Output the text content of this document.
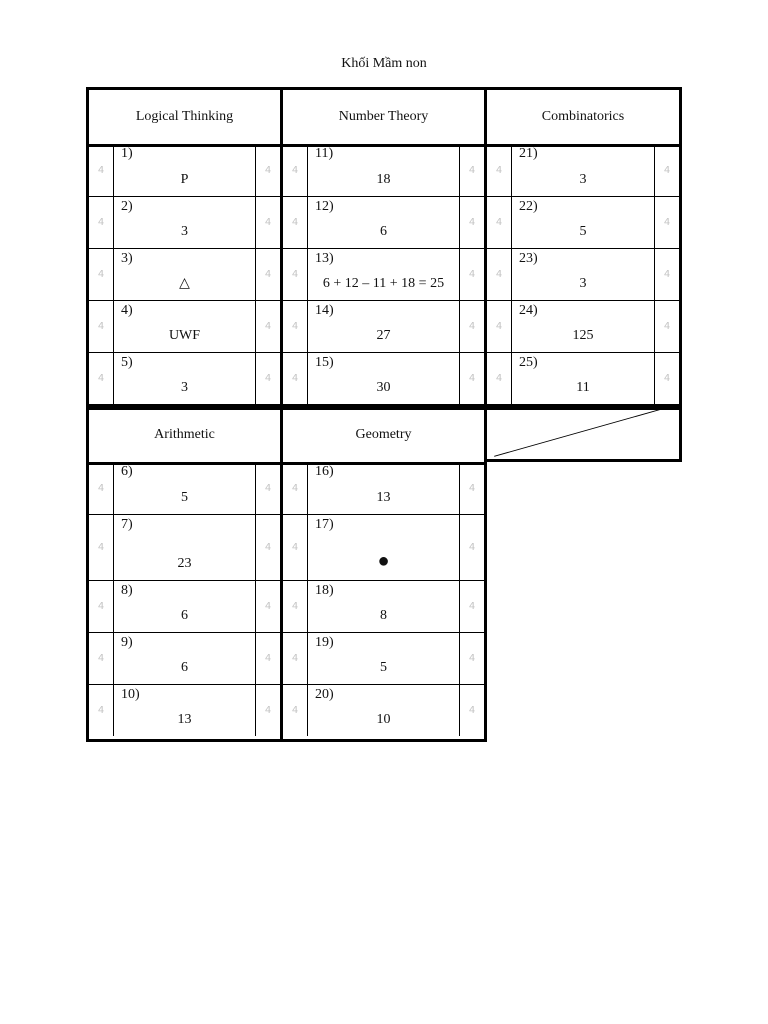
Khối Mầm non
Logical Thinking
4
1)
P
4
4
2)
3
4
4
3)
△
4
4
4)
UWF
4
4
5)
3
4
Number Theory
4
11)
18
4
4
12)
6
4
4
13)
6 + 12 – 11 + 18 = 25
4
4
14)
27
4
4
15)
30
4
Combinatorics
4
21)
3
4
4
22)
5
4
4
23)
3
4
4
24)
125
4
4
25)
11
4
Arithmetic
4
6)
5
4
4
7)
23
4
4
8)
6
4
4
9)
6
4
4
10)
13
4
Geometry
4
16)
13
4
4
17)
●
4
4
18)
8
4
4
19)
5
4
4
20)
10
4
